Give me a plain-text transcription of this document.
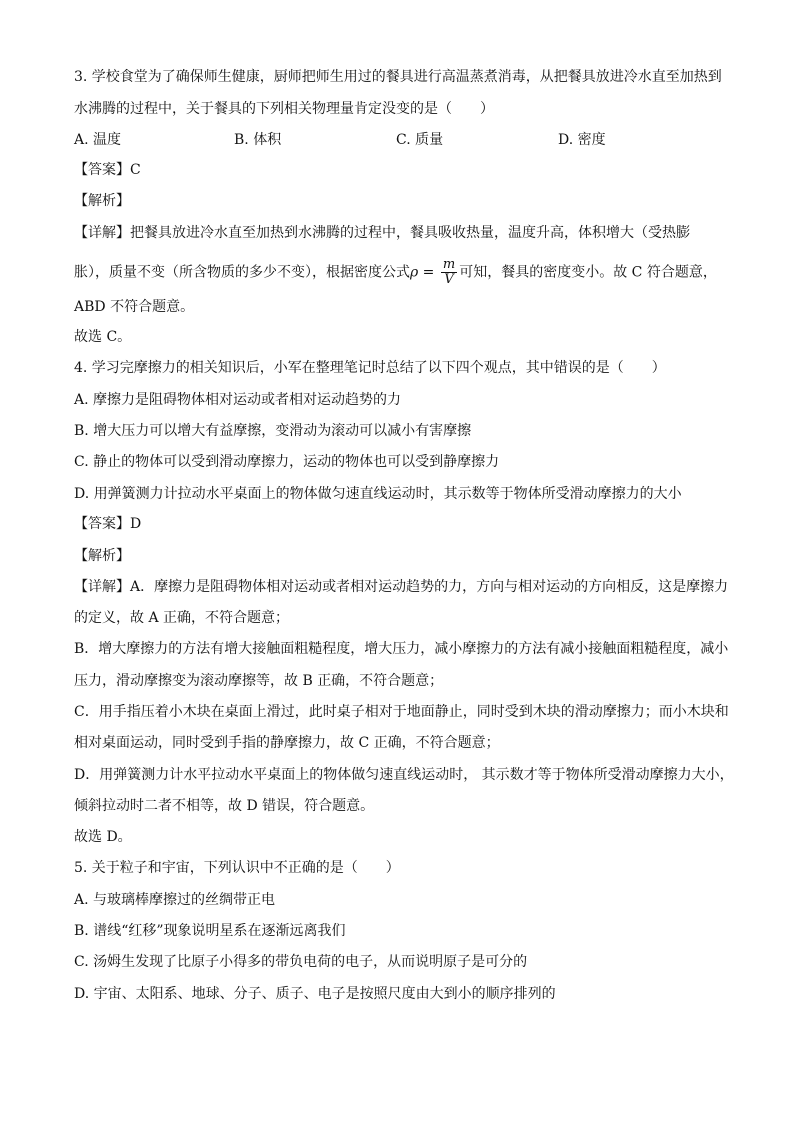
3. 学校食堂为了确保师生健康，厨师把师生用过的餐具进行高温蒸煮消毒，从把餐具放进冷水直至加热到
水沸腾的过程中，关于餐具的下列相关物理量肯定没变的是（　　）
A. 温度	B. 体积	C. 质量	D. 密度
【答案】C
【解析】
【详解】把餐具放进冷水直至加热到水沸腾的过程中，餐具吸收热量，温度升高，体积增大（受热膨
胀），质量不变（所含物质的多少不变），根据密度公式$\rho = \frac{m}{V}$ 可知，餐具的密度变小。故 C 符合题意，
ABD 不符合题意。
故选 C。
4. 学习完摩擦力的相关知识后，小军在整理笔记时总结了以下四个观点，其中错误的是（　　）
A. 摩擦力是阻碍物体相对运动或者相对运动趋势的力
B. 增大压力可以增大有益摩擦，变滑动为滚动可以减小有害摩擦
C. 静止的物体可以受到滑动摩擦力，运动的物体也可以受到静摩擦力
D. 用弹簧测力计拉动水平桌面上的物体做匀速直线运动时，其示数等于物体所受滑动摩擦力的大小
【答案】D
【解析】
【详解】A．摩擦力是阻碍物体相对运动或者相对运动趋势的力，方向与相对运动的方向相反，这是摩擦力
的定义，故 A 正确，不符合题意；
B．增大摩擦力的方法有增大接触面粗糙程度，增大压力，减小摩擦力的方法有减小接触面粗糙程度，减小
压力，滑动摩擦变为滚动摩擦等，故 B 正确，不符合题意；
C．用手指压着小木块在桌面上滑过，此时桌子相对于地面静止，同时受到木块的滑动摩擦力；而小木块和
相对桌面运动，同时受到手指的静摩擦力，故 C 正确，不符合题意；
D．用弹簧测力计水平拉动水平桌面上的物体做匀速直线运动时， 其示数才等于物体所受滑动摩擦力大小，
倾斜拉动时二者不相等，故 D 错误，符合题意。
故选 D。
5. 关于粒子和宇宙，下列认识中不正确的是（　　）
A. 与玻璃棒摩擦过的丝绸带正电
B. 谱线“红移”现象说明星系在逐渐远离我们
C. 汤姆生发现了比原子小得多的带负电荷的电子，从而说明原子是可分的
D. 宇宙、太阳系、地球、分子、质子、电子是按照尺度由大到小的顺序排列的
